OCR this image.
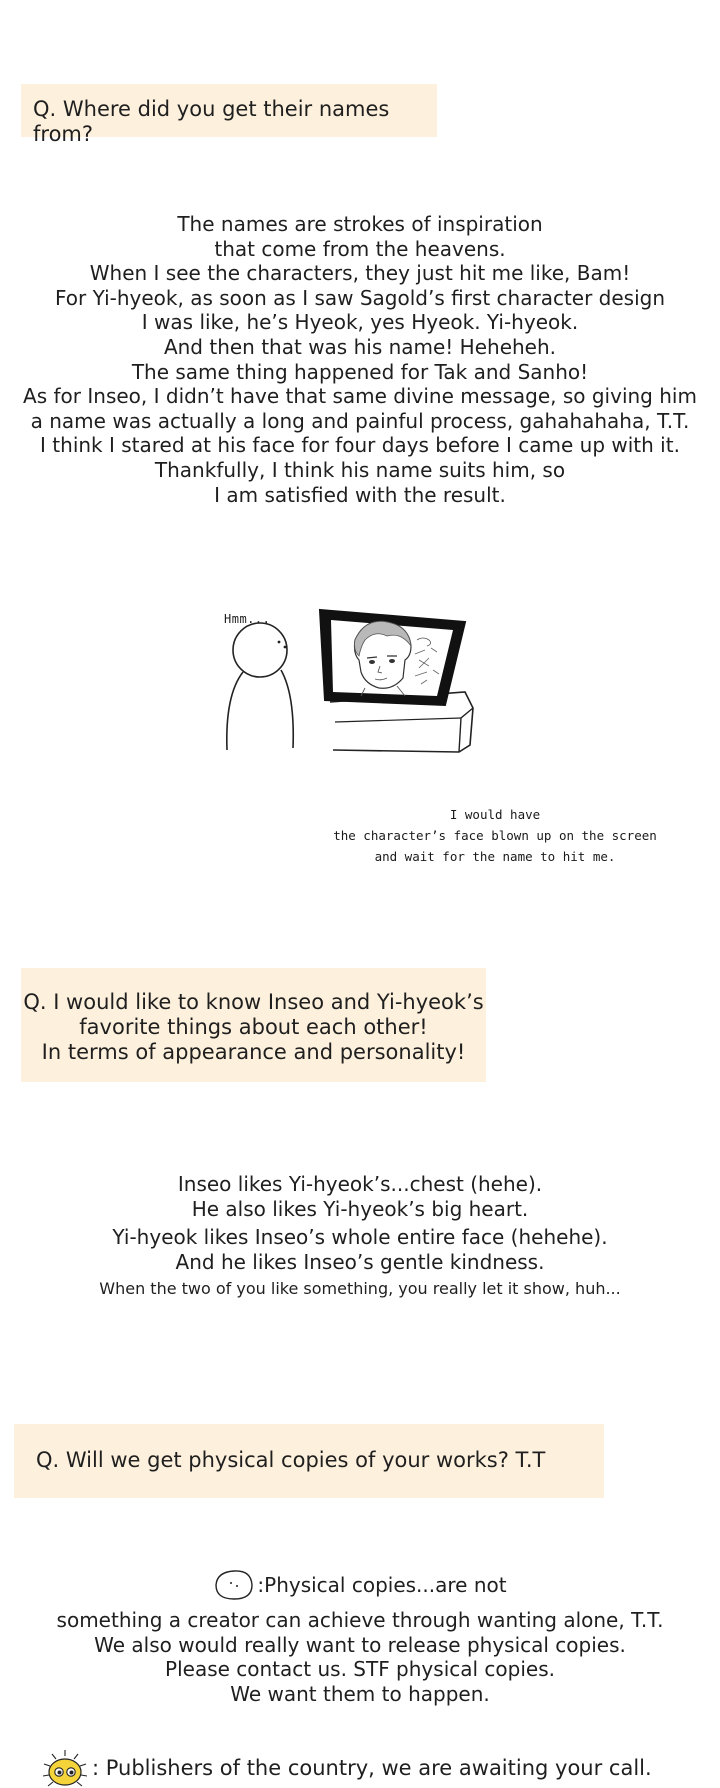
Q. Where did you get their names from?
The names are strokes of inspiration
that come from the heavens.
When I see the characters, they just hit me like, Bam!
For Yi-hyeok, as soon as I saw Sagold’s first character design
I was like, he’s Hyeok, yes Hyeok. Yi-hyeok.
And then that was his name! Heheheh.
The same thing happened for Tak and Sanho!
As for Inseo, I didn’t have that same divine message, so giving him
a name was actually a long and painful process, gahahahaha, T.T.
I think I stared at his face for four days before I came up with it.
Thankfully, I think his name suits him, so
I am satisfied with the result.
Hmm...
I would have
the character’s face blown up on the screen
and wait for the name to hit me.
Q. I would like to know Inseo and Yi-hyeok’s
favorite things about each other!
In terms of appearance and personality!
Inseo likes Yi-hyeok’s...chest (hehe).
He also likes Yi-hyeok’s big heart.
Yi-hyeok likes Inseo’s whole entire face (hehehe).
And he likes Inseo’s gentle kindness.
When the two of you like something, you really let it show, huh...
Q. Will we get physical copies of your works? T.T
:Physical copies...are not
something a creator can achieve through wanting alone, T.T.
We also would really want to release physical copies.
Please contact us. STF physical copies.
We want them to happen.
: Publishers of the country, we are awaiting your call.
